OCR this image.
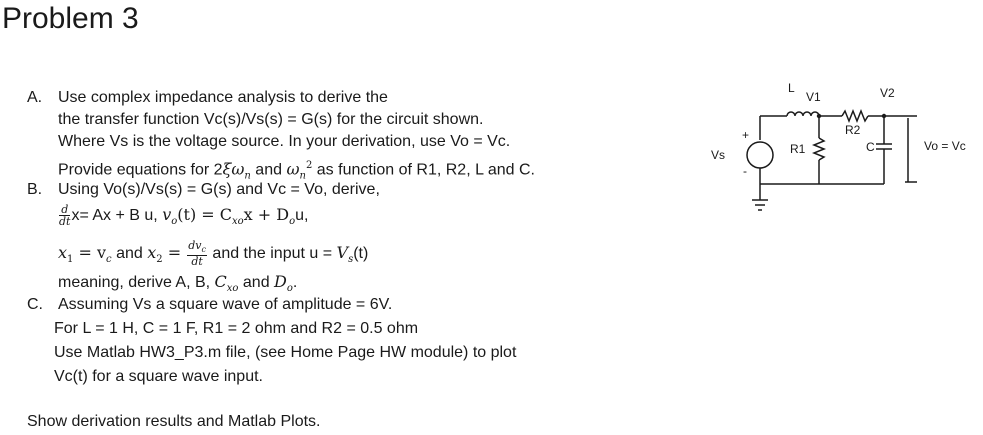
Problem 3
A. Use complex impedance analysis to derive the
the transfer function Vc(s)/Vs(s) = G(s) for the circuit shown.
Where Vs is the voltage source. In your derivation, use Vo = Vc.
Provide equations for $2\xi\omega_n$ and $\omega_n^2$ as function of R1, R2, L and C.
B. Using Vo(s)/Vs(s) = G(s) and Vc = Vo, derive,
$\frac{d}{dt} x= Ax + B$ u, $v_o(t) = C_{xo}x + D_ou$,
$x_1 = v_c$ and $x_2 = \frac{dv_c}{dt}$ and the input $u = V_s(t)$
meaning, derive A, B, $C_{xo}$ and $D_o$.
C. Assuming Vs a square wave of amplitude = 6V.
For L = 1 H, C = 1 F, R1 = 2 ohm and R2 = 0.5 ohm
Use Matlab HW3_P3.m file, (see Home Page HW module) to plot
Vc(t) for a square wave input.
Show derivation results and Matlab Plots.
L
V1	V2
R2
R1	C
Vs
+
-
Vo = Vc
